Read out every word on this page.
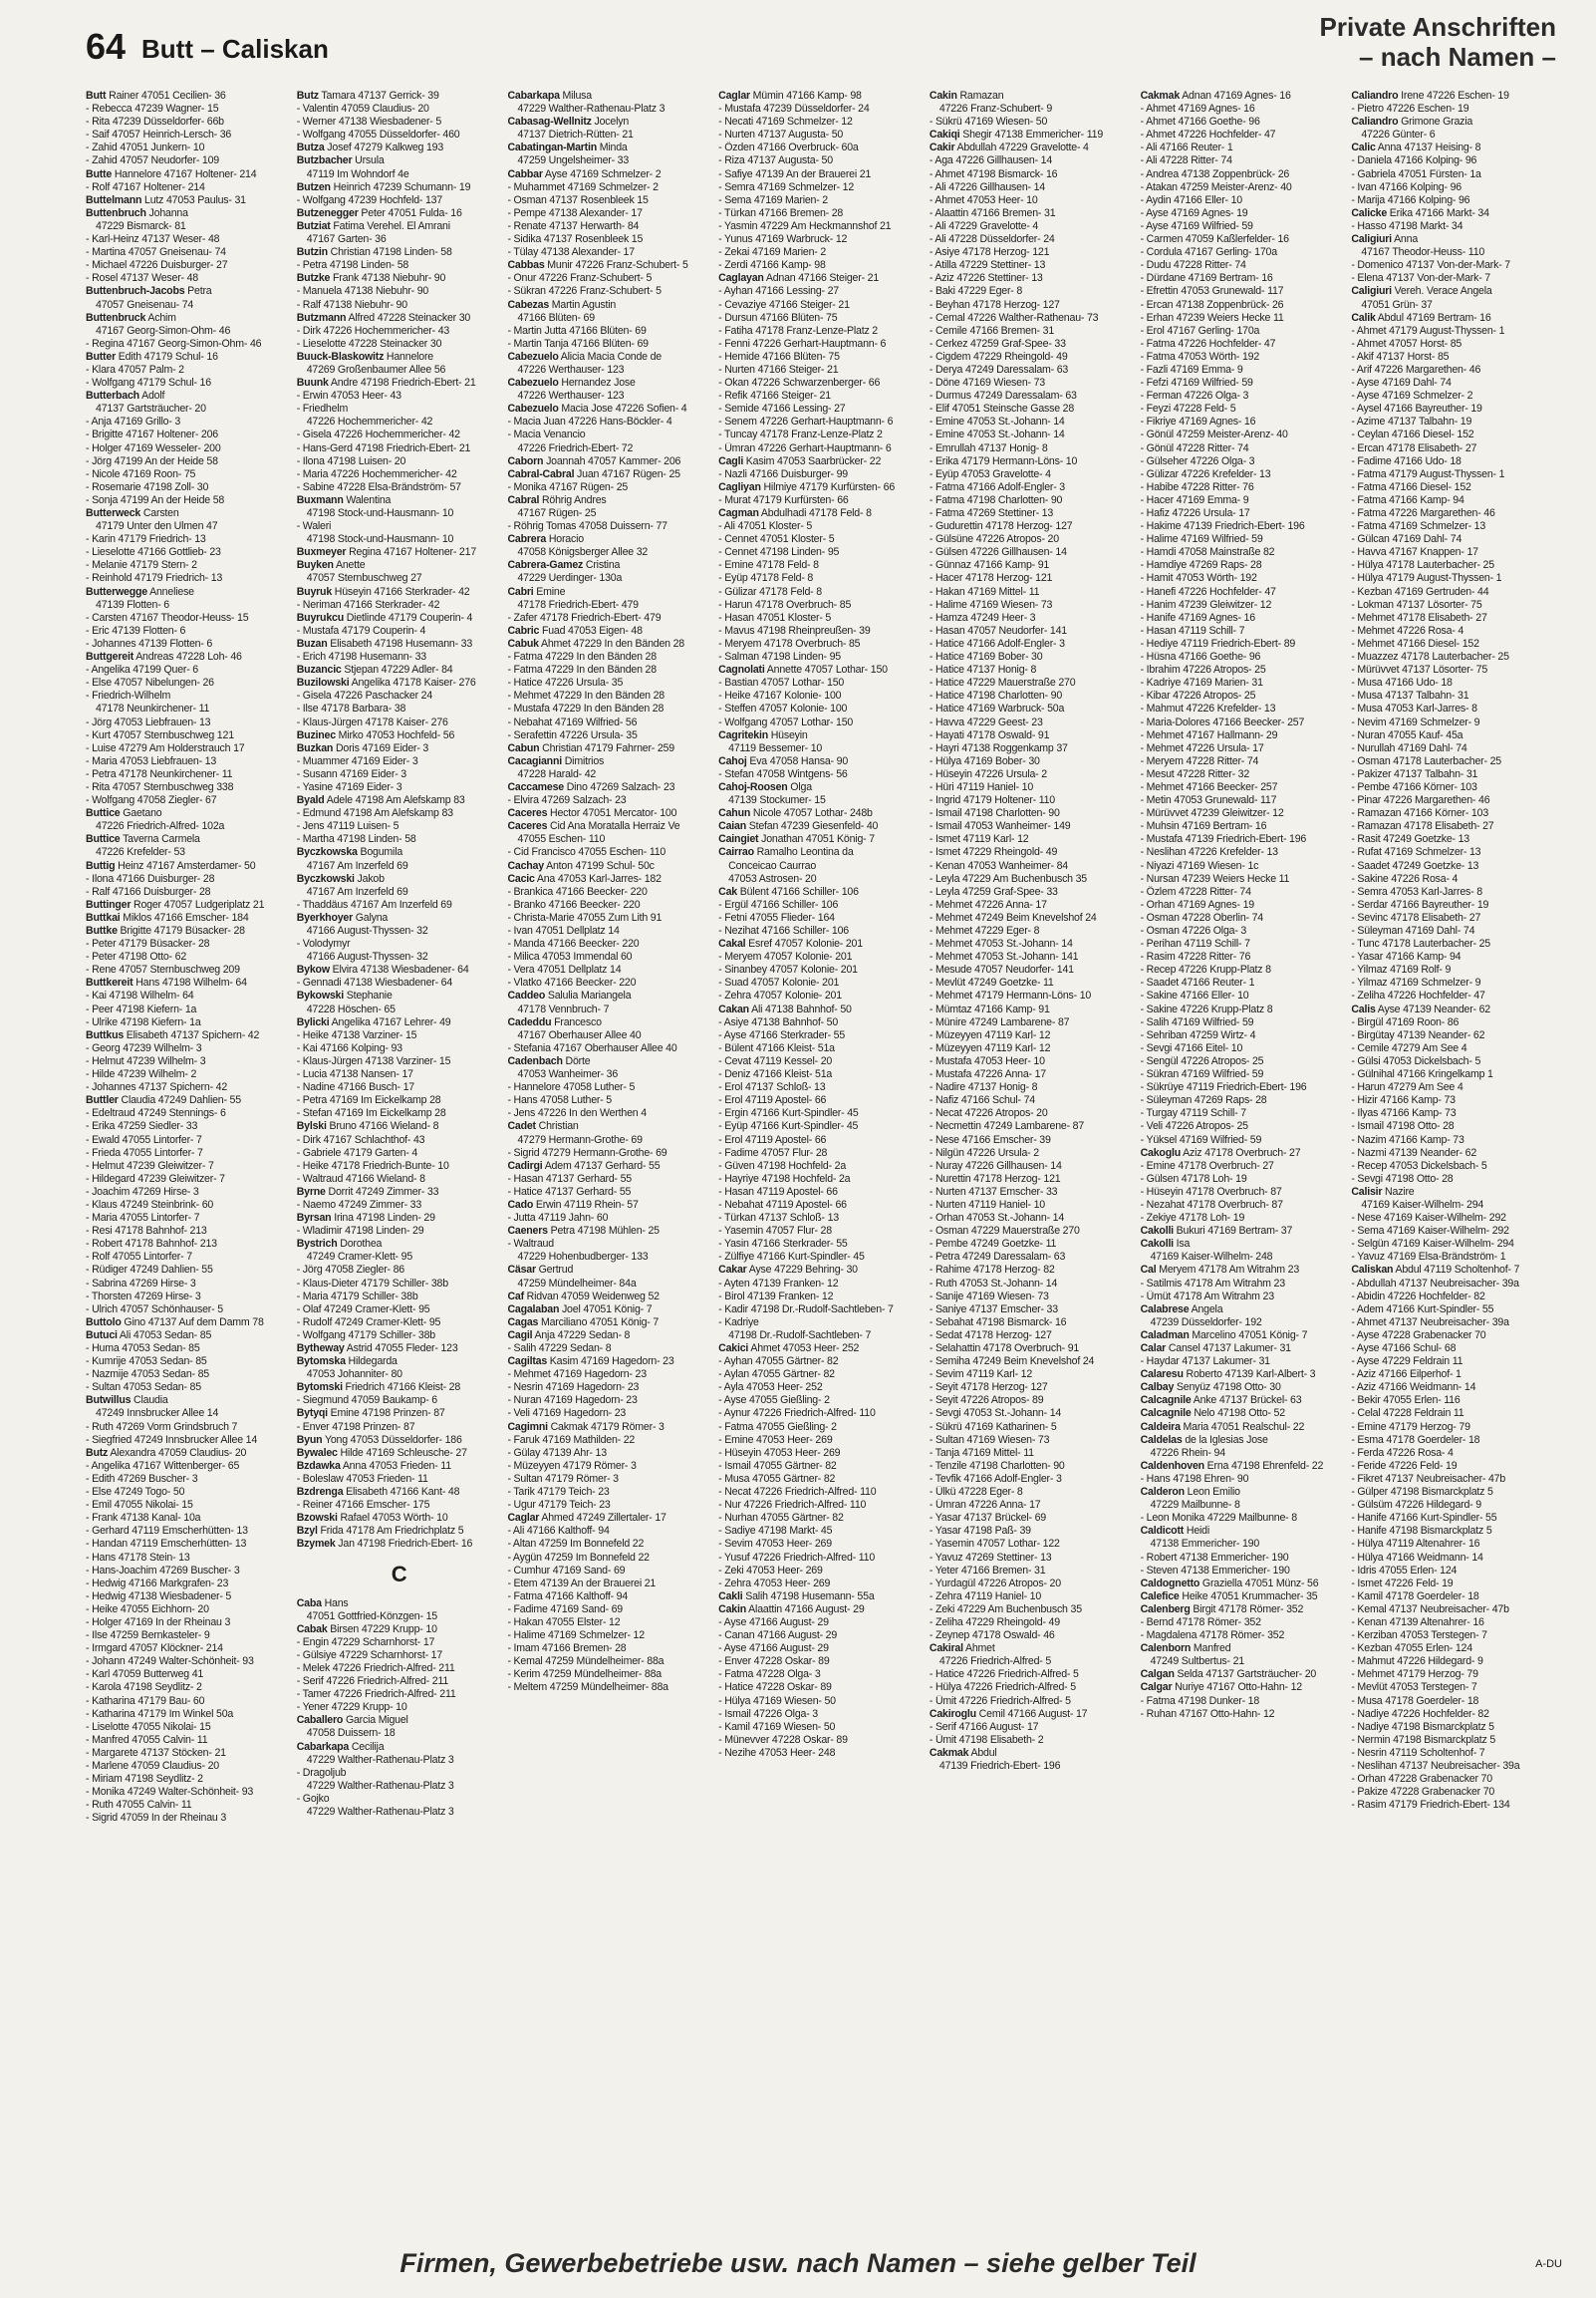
64 Butt – Caliskan
Private Anschriften
– nach Namen –
Butt Rainer 47051 Cecilien- 36
- Rebecca 47239 Wagner- 15
- Rita 47239 Düsseldorfer- 66b
- Saif 47057 Heinrich-Lersch- 36
- Zahid 47051 Junkern- 10
- Zahid 47057 Neudorfer- 109
Butte Hannelore 47167 Holtener- 214
- Rolf 47167 Holtener- 214
Buttelmann Lutz 47053 Paulus- 31
Buttenbruch Johanna
47229 Bismarck- 81
- Karl-Heinz 47137 Weser- 48
- Martina 47057 Gneisenau- 74
- Michael 47226 Duisburger- 27
- Rosel 47137 Weser- 48
Buttenbruch-Jacobs Petra
47057 Gneisenau- 74
Buttenbruck Achim
47167 Georg-Simon-Ohm- 46
- Regina 47167 Georg-Simon-Ohm- 46
Butter Edith 47179 Schul- 16
- Klara 47057 Palm- 2
- Wolfgang 47179 Schul- 16
Butterbach Adolf
47137 Gartsträucher- 20
- Anja 47169 Grillo- 3
- Brigitte 47167 Holtener- 206
- Holger 47169 Wesseler- 200
- Jörg 47199 An der Heide 58
- Nicole 47169 Roon- 75
- Rosemarie 47198 Zoll- 30
- Sonja 47199 An der Heide 58
Butterweck Carsten
47179 Unter den Ulmen 47
- Karin 47179 Friedrich- 13
- Lieselotte 47166 Gottlieb- 23
- Melanie 47179 Stern- 2
- Reinhold 47179 Friedrich- 13
Butterwegge Anneliese
47139 Flotten- 6
- Carsten 47167 Theodor-Heuss- 15
- Eric 47139 Flotten- 6
- Johannes 47139 Flotten- 6
Buttgereit Andreas 47228 Loh- 46
- Angelika 47199 Quer- 6
- Else 47057 Nibelungen- 26
- Friedrich-Wilhelm
47178 Neunkirchener- 11
- Jörg 47053 Liebfrauen- 13
- Kurt 47057 Sternbuschweg 121
- Luise 47279 Am Holderstrauch 17
- Maria 47053 Liebfrauen- 13
- Petra 47178 Neunkirchener- 11
- Rita 47057 Sternbuschweg 338
- Wolfgang 47058 Ziegler- 67
Buttice Gaetano
47226 Friedrich-Alfred- 102a
Buttice Taverna Carmela
47226 Krefelder- 53
Buttig Heinz 47167 Amsterdamer- 50
- Ilona 47166 Duisburger- 28
- Ralf 47166 Duisburger- 28
Buttinger Roger 47057 Ludgeriplatz 21
Buttkai Miklos 47166 Emscher- 184
Buttke Brigitte 47179 Büsacker- 28
- Peter 47179 Büsacker- 28
- Peter 47198 Otto- 62
- Rene 47057 Sternbuschweg 209
Buttkereit Hans 47198 Wilhelm- 64
- Kai 47198 Wilhelm- 64
- Peer 47198 Kiefern- 1a
- Ulrike 47198 Kiefern- 1a
Buttkus Elisabeth 47137 Spichern- 42
- Georg 47239 Wilhelm- 3
- Helmut 47239 Wilhelm- 3
- Hilde 47239 Wilhelm- 2
- Johannes 47137 Spichern- 42
Buttler Claudia 47249 Dahlien- 55
- Edeltraud 47249 Stennings- 6
- Erika 47259 Siedler- 33
- Ewald 47055 Lintorfer- 7
- Frieda 47055 Lintorfer- 7
- Helmut 47239 Gleiwitzer- 7
- Hildegard 47239 Gleiwitzer- 7
- Joachim 47269 Hirse- 3
- Klaus 47249 Steinbrink- 60
- Maria 47055 Lintorfer- 7
- Resi 47178 Bahnhof- 213
- Robert 47178 Bahnhof- 213
- Rolf 47055 Lintorfer- 7
- Rüdiger 47249 Dahlien- 55
- Sabrina 47269 Hirse- 3
- Thorsten 47269 Hirse- 3
- Ulrich 47057 Schönhauser- 5
Buttolo Gino 47137 Auf dem Damm 78
Butuci Ali 47053 Sedan- 85
- Huma 47053 Sedan- 85
- Kumrije 47053 Sedan- 85
- Nazmije 47053 Sedan- 85
- Sultan 47053 Sedan- 85
Butwillus Claudia
47249 Innsbrucker Allee 14
- Ruth 47269 Vorm Grindsbruch 7
- Siegfried 47249 Innsbrucker Allee 14
Butz Alexandra 47059 Claudius- 20
- Angelika 47167 Wittenberger- 65
- Edith 47269 Buscher- 3
- Else 47249 Togo- 50
- Emil 47055 Nikolai- 15
- Frank 47138 Kanal- 10a
- Gerhard 47119 Emscherhütten- 13
- Handan 47119 Emscherhütten- 13
- Hans 47178 Stein- 13
- Hans-Joachim 47269 Buscher- 3
- Hedwig 47166 Markgrafen- 23
- Hedwig 47138 Wiesbadener- 5
- Heike 47055 Eichhorn- 20
- Holger 47169 In der Rheinau 3
- Ilse 47259 Bernkasteler- 9
- Irmgard 47057 Klöckner- 214
- Johann 47249 Walter-Schönheit- 93
- Karl 47059 Butterweg 41
- Karola 47198 Seydlitz- 2
- Katharina 47179 Bau- 60
- Katharina 47179 Im Winkel 50a
- Liselotte 47055 Nikolai- 15
- Manfred 47055 Calvin- 11
- Margarete 47137 Stöcken- 21
- Marlene 47059 Claudius- 20
- Miriam 47198 Seydlitz- 2
- Monika 47249 Walter-Schönheit- 93
- Ruth 47055 Calvin- 11
- Sigrid 47059 In der Rheinau 3
Butz Tamara 47137 Gerrick- 39
- Valentin 47059 Claudius- 20
- Werner 47138 Wiesbadener- 5
- Wolfgang 47055 Düsseldorfer- 460
Butza Josef 47279 Kalkweg 193
Butzbacher Ursula
47119 Im Wohndorf 4e
Butzen Heinrich 47239 Schumann- 19
- Wolfgang 47239 Hochfeld- 137
Butzenegger Peter 47051 Fulda- 16
Butziat Fatima Verehel. El Amrani
47167 Garten- 36
Butzin Christian 47198 Linden- 58
- Petra 47198 Linden- 58
Butzke Frank 47138 Niebuhr- 90
- Manuela 47138 Niebuhr- 90
- Ralf 47138 Niebuhr- 90
Butzmann Alfred 47228 Steinacker 30
- Dirk 47226 Hochemmericher- 43
- Lieselotte 47228 Steinacker 30
Buuck-Blaskowitz Hannelore
47269 Großenbaumer Allee 56
Buunk Andre 47198 Friedrich-Ebert- 21
- Erwin 47053 Heer- 43
- Friedhelm
47226 Hochemmericher- 42
- Gisela 47226 Hochemmericher- 42
- Hans-Gerd 47198 Friedrich-Ebert- 21
- Ilona 47198 Luisen- 20
- Maria 47226 Hochemmericher- 42
- Sabine 47228 Elsa-Brändström- 57
Buxmann Walentina
47198 Stock-und-Hausmann- 10
- Waleri
47198 Stock-und-Hausmann- 10
Buxmeyer Regina 47167 Holtener- 217
Buyken Anette
47057 Sternbuschweg 27
Buyruk Hüseyin 47166 Sterkrader- 42
- Neriman 47166 Sterkrader- 42
Buyrukcu Dietlinde 47179 Couperin- 4
- Mustafa 47179 Couperin- 4
Buzan Elisabeth 47198 Husemann- 33
- Erich 47198 Husemann- 33
Buzancic Stjepan 47229 Adler- 84
Buzilowski Angelika 47178 Kaiser- 276
- Gisela 47226 Paschacker 24
- Ilse 47178 Barbara- 38
- Klaus-Jürgen 47178 Kaiser- 276
Buzinec Mirko 47053 Hochfeld- 56
Buzkan Doris 47169 Eider- 3
- Muammer 47169 Eider- 3
- Susann 47169 Eider- 3
- Yasine 47169 Eider- 3
Byald Adele 47198 Am Alefskamp 83
- Edmund 47198 Am Alefskamp 83
- Jens 47119 Luisen- 5
- Martha 47198 Linden- 58
Byczkowska Bogumila
47167 Am Inzerfeld 69
Byczkowski Jakob
47167 Am Inzerfeld 69
- Thaddäus 47167 Am Inzerfeld 69
Byerkhoyer Galyna
47166 August-Thyssen- 32
- Volodymyr
47166 August-Thyssen- 32
Bykow Elvira 47138 Wiesbadener- 64
- Gennadi 47138 Wiesbadener- 64
Bykowski Stephanie
47228 Höschen- 65
Bylicki Angelika 47167 Lehrer- 49
- Heike 47138 Varziner- 15
- Kai 47166 Kolping- 93
- Klaus-Jürgen 47138 Varziner- 15
- Lucia 47138 Nansen- 17
- Nadine 47166 Busch- 17
- Petra 47169 Im Eickelkamp 28
- Stefan 47169 Im Eickelkamp 28
Bylski Bruno 47166 Wieland- 8
- Dirk 47167 Schlachthof- 43
- Gabriele 47179 Garten- 4
- Heike 47178 Friedrich-Bunte- 10
- Waltraud 47166 Wieland- 8
Byrne Dorrit 47249 Zimmer- 33
- Naemo 47249 Zimmer- 33
Byrsan Irina 47198 Linden- 29
- Wladimir 47198 Linden- 29
Bystrich Dorothea
47249 Cramer-Klett- 95
- Jörg 47058 Ziegler- 86
- Klaus-Dieter 47179 Schiller- 38b
- Maria 47179 Schiller- 38b
- Olaf 47249 Cramer-Klett- 95
- Rudolf 47249 Cramer-Klett- 95
- Wolfgang 47179 Schiller- 38b
Bytheway Astrid 47055 Fleder- 123
Bytomska Hildegarda
47053 Johanniter- 80
Bytomski Friedrich 47166 Kleist- 28
- Siegmund 47059 Baukamp- 6
Bytyqi Emine 47198 Prinzen- 87
- Enver 47198 Prinzen- 87
Byun Yong 47053 Düsseldorfer- 186
Bywalec Hilde 47169 Schleusche- 27
Bzdawka Anna 47053 Frieden- 11
- Boleslaw 47053 Frieden- 11
Bzdrenga Elisabeth 47166 Kant- 48
- Reiner 47166 Emscher- 175
Bzowski Rafael 47053 Wörth- 10
Bzyl Frida 47178 Am Friedrichplatz 5
Bzymek Jan 47198 Friedrich-Ebert- 16
C
Caba Hans
47051 Gottfried-Könzgen- 15
Cabak Birsen 47229 Krupp- 10
- Engin 47229 Scharnhorst- 17
- Gülsiye 47229 Scharnhorst- 17
- Melek 47226 Friedrich-Alfred- 211
- Serif 47226 Friedrich-Alfred- 211
- Tamer 47226 Friedrich-Alfred- 211
- Yener 47229 Krupp- 10
Caballero Garcia Miguel
47058 Duissern- 18
Cabarkapa Cecilija
47229 Walther-Rathenau-Platz 3
- Dragoljub
47229 Walther-Rathenau-Platz 3
- Gojko
47229 Walther-Rathenau-Platz 3
Cabarkapa Milusa
47229 Walther-Rathenau-Platz 3
Cabasag-Wellnitz Jocelyn
47137 Dietrich-Rütten- 21
Cabatingan-Martin Minda
47259 Ungelsheimer- 33
Cabbar Ayse 47169 Schmelzer- 2
- Muhammet 47169 Schmelzer- 2
- Osman 47137 Rosenbleek 15
- Pempe 47138 Alexander- 17
- Renate 47137 Herwarth- 84
- Sidika 47137 Rosenbleek 15
- Tülay 47138 Alexander- 17
Cabbas Munir 47226 Franz-Schubert- 5
- Onur 47226 Franz-Schubert- 5
- Sükran 47226 Franz-Schubert- 5
Cabezas Martin Agustin
47166 Blüten- 69
- Martin Jutta 47166 Blüten- 69
- Martin Tanja 47166 Blüten- 69
Cabezuelo Alicia Macia Conde de
47226 Werthauser- 123
Cabezuelo Hernandez Jose
47226 Werthauser- 123
Cabezuelo Macia Jose 47226 Sofien- 4
- Macia Juan 47226 Hans-Böckler- 4
- Macia Venancio
47226 Friedrich-Ebert- 72
Caborn Joannah 47057 Kammer- 206
Cabral-Cabral Juan 47167 Rügen- 25
- Monika 47167 Rügen- 25
Cabral Röhrig Andres
47167 Rügen- 25
- Röhrig Tomas 47058 Duissern- 77
Cabrera Horacio
47058 Königsberger Allee 32
Cabrera-Gamez Cristina
47229 Uerdinger- 130a
Cabri Emine
47178 Friedrich-Ebert- 479
- Zafer 47178 Friedrich-Ebert- 479
Cabric Fuad 47053 Eigen- 48
Cabuk Ahmet 47229 In den Bänden 28
- Fatma 47229 In den Bänden 28
- Fatma 47229 In den Bänden 28
- Hatice 47226 Ursula- 35
- Mehmet 47229 In den Bänden 28
- Mustafa 47229 In den Bänden 28
- Nebahat 47169 Wilfried- 56
- Serafettin 47226 Ursula- 35
Cabun Christian 47179 Fahrner- 259
Cacagianni Dimitrios
47228 Harald- 42
Caccamese Dino 47269 Salzach- 23
- Elvira 47269 Salzach- 23
Caceres Hector 47051 Mercator- 100
Caceres Cid Ana Moratalla Herraiz Ve
47055 Eschen- 110
- Cid Francisco 47055 Eschen- 110
Cachay Anton 47199 Schul- 50c
Cacic Ana 47053 Karl-Jarres- 182
- Brankica 47166 Beecker- 220
- Branko 47166 Beecker- 220
- Christa-Marie 47055 Zum Lith 91
- Ivan 47051 Dellplatz 14
- Manda 47166 Beecker- 220
- Milica 47053 Immendal 60
- Vera 47051 Dellplatz 14
- Vlatko 47166 Beecker- 220
Caddeo Salulia Mariangela
47178 Vennbruch- 7
Cadeddu Francesco
47167 Oberhauser Allee 40
- Stefania 47167 Oberhauser Allee 40
Cadenbach Dörte
47053 Wanheimer- 36
- Hannelore 47058 Luther- 5
- Hans 47058 Luther- 5
- Jens 47226 In den Werthen 4
Cadet Christian
47279 Hermann-Grothe- 69
- Sigrid 47279 Hermann-Grothe- 69
Cadirgi Adem 47137 Gerhard- 55
- Hasan 47137 Gerhard- 55
- Hatice 47137 Gerhard- 55
Cado Erwin 47119 Rhein- 57
- Jutta 47119 Jahn- 60
Caeners Petra 47198 Mühlen- 25
- Waltraud
47229 Hohenbudberger- 133
Cäsar Gertrud
47259 Mündelheimer- 84a
Caf Ridvan 47059 Weidenweg 52
Cagalaban Joel 47051 König- 7
Cagas Marciliano 47051 König- 7
Cagil Anja 47229 Sedan- 8
- Salih 47229 Sedan- 8
Cagiltas Kasim 47169 Hagedorn- 23
- Mehmet 47169 Hagedorn- 23
- Nesrin 47169 Hagedorn- 23
- Nuran 47169 Hagedorn- 23
- Veli 47169 Hagedorn- 23
Cagimni Cakmak 47179 Römer- 3
- Faruk 47169 Mathilden- 22
- Gülay 47139 Ahr- 13
- Müzeyyen 47179 Römer- 3
- Sultan 47179 Römer- 3
- Tarik 47179 Teich- 23
- Ugur 47179 Teich- 23
Caglar Ahmed 47249 Zillertaler- 17
- Ali 47166 Kalthoff- 94
- Altan 47259 Im Bonnefeld 22
- Aygün 47259 Im Bonnefeld 22
- Cumhur 47169 Sand- 69
- Etem 47139 An der Brauerei 21
- Fatma 47166 Kalthoff- 94
- Fadime 47169 Sand- 69
- Hakan 47055 Elster- 12
- Halime 47169 Schmelzer- 12
- Imam 47166 Bremen- 28
- Kemal 47259 Mündelheimer- 88a
- Kerim 47259 Mündelheimer- 88a
- Meltem 47259 Mündelheimer- 88a
Caglar Mümin 47166 Kamp- 98
- Mustafa 47239 Düsseldorfer- 24
- Necati 47169 Schmelzer- 12
- Nurten 47137 Augusta- 50
- Özden 47166 Overbruck- 60a
- Riza 47137 Augusta- 50
- Safiye 47139 An der Brauerei 21
- Semra 47169 Schmelzer- 12
- Sema 47169 Marien- 2
- Türkan 47166 Bremen- 28
- Yasmin 47229 Am Heckmannshof 21
- Yunus 47169 Warbruck- 12
- Zekai 47169 Marien- 2
- Zerdi 47166 Kamp- 98
Caglayan Adnan 47166 Steiger- 21
- Ayhan 47166 Lessing- 27
- Cevaziye 47166 Steiger- 21
- Dursun 47166 Blüten- 75
- Fatiha 47178 Franz-Lenze-Platz 2
- Fenni 47226 Gerhart-Hauptmann- 6
- Hemide 47166 Blüten- 75
- Nurten 47166 Steiger- 21
- Okan 47226 Schwarzenberger- 66
- Refik 47166 Steiger- 21
- Semide 47166 Lessing- 27
- Senem 47226 Gerhart-Hauptmann- 6
- Tuncay 47178 Franz-Lenze-Platz 2
- Ümran 47226 Gerhart-Hauptmann- 6
Cagli Kasim 47053 Saarbrücker- 22
- Nazli 47166 Duisburger- 99
Cagliyan Hilmiye 47179 Kurfürsten- 66
- Murat 47179 Kurfürsten- 66
Cagman Abdulhadi 47178 Feld- 8
- Ali 47051 Kloster- 5
- Cennet 47051 Kloster- 5
- Cennet 47198 Linden- 95
- Emine 47178 Feld- 8
- Eyüp 47178 Feld- 8
- Gülizar 47178 Feld- 8
- Harun 47178 Overbruch- 85
- Hasan 47051 Kloster- 5
- Mavus 47198 Rheinpreußen- 39
- Meryem 47178 Overbruch- 85
- Salman 47198 Linden- 95
Cagnolati Annette 47057 Lothar- 150
- Bastian 47057 Lothar- 150
- Heike 47167 Kolonie- 100
- Steffen 47057 Kolonie- 100
- Wolfgang 47057 Lothar- 150
Cagritekin Hüseyin
47119 Bessemer- 10
Cahoj Eva 47058 Hansa- 90
- Stefan 47058 Wintgens- 56
Cahoj-Roosen Olga
47139 Stockumer- 15
Cahun Nicole 47057 Lothar- 248b
Caian Stefan 47239 Giesenfeld- 40
Caingiet Jonathan 47051 König- 7
Cairrao Ramalho Leontina da
Conceicao Caurrao
47053 Astrosen- 20
Cak Bülent 47166 Schiller- 106
- Ergül 47166 Schiller- 106
- Fetni 47055 Flieder- 164
- Nezihat 47166 Schiller- 106
Cakal Esref 47057 Kolonie- 201
- Meryem 47057 Kolonie- 201
- Sinanbey 47057 Kolonie- 201
- Suad 47057 Kolonie- 201
- Zehra 47057 Kolonie- 201
Cakan Ali 47138 Bahnhof- 50
- Asiye 47138 Bahnhof- 50
- Ayse 47166 Sterkrader- 55
- Bülent 47166 Kleist- 51a
- Cevat 47119 Kessel- 20
- Deniz 47166 Kleist- 51a
- Erol 47137 Schloß- 13
- Erol 47119 Apostel- 66
- Ergin 47166 Kurt-Spindler- 45
- Eyüp 47166 Kurt-Spindler- 45
- Erol 47119 Apostel- 66
- Fadime 47057 Flur- 28
- Güven 47198 Hochfeld- 2a
- Hayriye 47198 Hochfeld- 2a
- Hasan 47119 Apostel- 66
- Nebahat 47119 Apostel- 66
- Türkan 47137 Schloß- 13
- Yasemin 47057 Flur- 28
- Yasin 47166 Sterkrader- 55
- Zülfiye 47166 Kurt-Spindler- 45
Cakar Ayse 47229 Behring- 30
- Ayten 47139 Franken- 12
- Birol 47139 Franken- 12
- Kadir 47198 Dr.-Rudolf-Sachtleben- 7
- Kadriye
47198 Dr.-Rudolf-Sachtleben- 7
Cakici Ahmet 47053 Heer- 252
- Ayhan 47055 Gärtner- 82
- Aylan 47055 Gärtner- 82
- Ayla 47053 Heer- 252
- Ayse 47055 Gießling- 2
- Aynur 47226 Friedrich-Alfred- 110
- Fatma 47055 Gießling- 2
- Emine 47053 Heer- 269
- Hüseyin 47053 Heer- 269
- Ismail 47055 Gärtner- 82
- Musa 47055 Gärtner- 82
- Necat 47226 Friedrich-Alfred- 110
- Nur 47226 Friedrich-Alfred- 110
- Nurhan 47055 Gärtner- 82
- Sadiye 47198 Markt- 45
- Sevim 47053 Heer- 269
- Yusuf 47226 Friedrich-Alfred- 110
- Zeki 47053 Heer- 269
- Zehra 47053 Heer- 269
Cakli Salih 47198 Husemann- 55a
Cakin Alaattin 47166 August- 29
- Ayse 47166 August- 29
- Canan 47166 August- 29
- Ayse 47166 August- 29
- Enver 47228 Oskar- 89
- Fatma 47228 Olga- 3
- Hatice 47228 Oskar- 89
- Hülya 47169 Wiesen- 50
- Ismail 47226 Olga- 3
- Kamil 47169 Wiesen- 50
- Münevver 47228 Oskar- 89
- Nezihe 47053 Heer- 248
Cakin Ramazan
47226 Franz-Schubert- 9
- Sükrü 47169 Wiesen- 50
Cakiqi Shegir 47138 Emmericher- 119
Cakir Abdullah 47229 Gravelotte- 4
- Aga 47226 Gillhausen- 14
- Ahmet 47198 Bismarck- 16
- Ali 47226 Gillhausen- 14
- Ahmet 47053 Heer- 10
- Alaattin 47166 Bremen- 31
- Ali 47229 Gravelotte- 4
- Ali 47228 Düsseldorfer- 24
- Asiye 47178 Herzog- 121
- Atilla 47229 Stettiner- 13
- Aziz 47226 Stettiner- 13
- Baki 47229 Eger- 8
- Beyhan 47178 Herzog- 127
- Cemal 47226 Walther-Rathenau- 73
- Cemile 47166 Bremen- 31
- Cerkez 47259 Graf-Spee- 33
- Cigdem 47229 Rheingold- 49
- Derya 47249 Daressalam- 63
- Döne 47169 Wiesen- 73
- Durmus 47249 Daressalam- 63
- Elif 47051 Steinsche Gasse 28
- Emine 47053 St.-Johann- 14
- Emine 47053 St.-Johann- 14
- Emrullah 47137 Honig- 8
- Erika 47179 Hermann-Löns- 10
- Eyüp 47053 Gravelotte- 4
- Fatma 47166 Adolf-Engler- 3
- Fatma 47198 Charlotten- 90
- Fatma 47269 Stettiner- 13
- Gudurettin 47178 Herzog- 127
- Gülsüne 47226 Atropos- 20
- Gülsen 47226 Gillhausen- 14
- Günnaz 47166 Kamp- 91
- Hacer 47178 Herzog- 121
- Hakan 47169 Mittel- 11
- Halime 47169 Wiesen- 73
- Hamza 47249 Heer- 3
- Hasan 47057 Neudorfer- 141
- Hatice 47166 Adolf-Engler- 3
- Hatice 47169 Bober- 30
- Hatice 47137 Honig- 8
- Hatice 47229 Mauerstraße 270
- Hatice 47198 Charlotten- 90
- Hatice 47169 Warbruck- 50a
- Havva 47229 Geest- 23
- Hayati 47178 Oswald- 91
- Hayri 47138 Roggenkamp 37
- Hülya 47169 Bober- 30
- Hüseyin 47226 Ursula- 2
- Hüri 47119 Haniel- 10
- Ingrid 47179 Holtener- 110
- Ismail 47198 Charlotten- 90
- Ismail 47053 Wanheimer- 149
- Ismet 47119 Karl- 12
- Ismet 47229 Rheingold- 49
- Kenan 47053 Wanheimer- 84
- Leyla 47229 Am Buchenbusch 35
- Leyla 47259 Graf-Spee- 33
- Mehmet 47226 Anna- 17
- Mehmet 47249 Beim Knevelshof 24
- Mehmet 47229 Eger- 8
- Mehmet 47053 St.-Johann- 14
- Mehmet 47053 St.-Johann- 141
- Mesude 47057 Neudorfer- 141
- Mevlüt 47249 Goetzke- 11
- Mehmet 47179 Hermann-Löns- 10
- Mümtaz 47166 Kamp- 91
- Münire 47249 Lambarene- 87
- Müzeyyen 47119 Karl- 12
- Müzeyyen 47119 Karl- 12
- Mustafa 47053 Heer- 10
- Mustafa 47226 Anna- 17
- Nadire 47137 Honig- 8
- Nafiz 47166 Schul- 74
- Necat 47226 Atropos- 20
- Necmettin 47249 Lambarene- 87
- Nese 47166 Emscher- 39
- Nilgün 47226 Ursula- 2
- Nuray 47226 Gillhausen- 14
- Nurettin 47178 Herzog- 121
- Nurten 47137 Emscher- 33
- Nurten 47119 Haniel- 10
- Orhan 47053 St.-Johann- 14
- Osman 47229 Mauerstraße 270
- Pembe 47249 Goetzke- 11
- Petra 47249 Daressalam- 63
- Rahime 47178 Herzog- 82
- Ruth 47053 St.-Johann- 14
- Sanije 47169 Wiesen- 73
- Saniye 47137 Emscher- 33
- Sebahat 47198 Bismarck- 16
- Sedat 47178 Herzog- 127
- Selahattin 47178 Overbruch- 91
- Semiha 47249 Beim Knevelshof 24
- Sevim 47119 Karl- 12
- Seyit 47178 Herzog- 127
- Seyit 47226 Atropos- 89
- Sevgi 47053 St.-Johann- 14
- Sükrü 47169 Katharinen- 5
- Sultan 47169 Wiesen- 73
- Tanja 47169 Mittel- 11
- Tenzile 47198 Charlotten- 90
- Tevfik 47166 Adolf-Engler- 3
- Ülkü 47228 Eger- 8
- Ümran 47226 Anna- 17
- Yasar 47137 Brückel- 69
- Yasar 47198 Paß- 39
- Yasemin 47057 Lothar- 122
- Yavuz 47269 Stettiner- 13
- Yeter 47166 Bremen- 31
- Yurdagül 47226 Atropos- 20
- Zehra 47119 Haniel- 10
- Zeki 47229 Am Buchenbusch 35
- Zeliha 47229 Rheingold- 49
- Zeynep 47178 Oswald- 46
Cakiral Ahmet
47226 Friedrich-Alfred- 5
- Hatice 47226 Friedrich-Alfred- 5
- Hülya 47226 Friedrich-Alfred- 5
- Ümit 47226 Friedrich-Alfred- 5
Cakiroglu Cemil 47166 August- 17
- Serif 47166 August- 17
- Ümit 47198 Elisabeth- 2
Cakmak Abdul
47139 Friedrich-Ebert- 196
Cakmak Adnan 47169 Agnes- 16
- Ahmet 47169 Agnes- 16
- Ahmet 47166 Goethe- 96
- Ahmet 47226 Hochfelder- 47
- Ali 47166 Reuter- 1
- Ali 47228 Ritter- 74
- Andrea 47138 Zoppenbrück- 26
- Atakan 47259 Meister-Arenz- 40
- Aydin 47166 Eller- 10
- Ayse 47169 Agnes- 19
- Ayse 47169 Wilfried- 59
- Carmen 47059 Kaßlerfelder- 16
- Cordula 47167 Gerling- 170a
- Dudu 47228 Ritter- 74
- Dürdane 47169 Bertram- 16
- Efrettin 47053 Grunewald- 117
- Ercan 47138 Zoppenbrück- 26
- Erhan 47239 Weiers Hecke 11
- Erol 47167 Gerling- 170a
- Fatma 47226 Hochfelder- 47
- Fatma 47053 Wörth- 192
- Fazli 47169 Emma- 9
- Fefzi 47169 Wilfried- 59
- Ferman 47226 Olga- 3
- Feyzi 47228 Feld- 5
- Fikriye 47169 Agnes- 16
- Gönül 47259 Meister-Arenz- 40
- Gönül 47228 Ritter- 74
- Gülseher 47226 Olga- 3
- Gülizar 47226 Krefelder- 13
- Habibe 47228 Ritter- 76
- Hacer 47169 Emma- 9
- Hafiz 47226 Ursula- 17
- Hakime 47139 Friedrich-Ebert- 196
- Halime 47169 Wilfried- 59
- Hamdi 47058 Mainstraße 82
- Hamdiye 47269 Raps- 28
- Hamit 47053 Wörth- 192
- Hanefi 47226 Hochfelder- 47
- Hanim 47239 Gleiwitzer- 12
- Hanife 47169 Agnes- 16
- Hasan 47119 Schill- 7
- Hediye 47119 Friedrich-Ebert- 89
- Hüsna 47166 Goethe- 96
- Ibrahim 47226 Atropos- 25
- Kadriye 47169 Marien- 31
- Kibar 47226 Atropos- 25
- Mahmut 47226 Krefelder- 13
- Maria-Dolores 47166 Beecker- 257
- Mehmet 47167 Hallmann- 29
- Mehmet 47226 Ursula- 17
- Meryem 47228 Ritter- 74
- Mesut 47228 Ritter- 32
- Mehmet 47166 Beecker- 257
- Metin 47053 Grunewald- 117
- Mürüvvet 47239 Gleiwitzer- 12
- Muhsin 47169 Bertram- 16
- Mustafa 47139 Friedrich-Ebert- 196
- Neslihan 47226 Krefelder- 13
- Niyazi 47169 Wiesen- 1c
- Nursan 47239 Weiers Hecke 11
- Özlem 47228 Ritter- 74
- Orhan 47169 Agnes- 19
- Osman 47228 Oberlin- 74
- Osman 47226 Olga- 3
- Perihan 47119 Schill- 7
- Rasim 47228 Ritter- 76
- Recep 47226 Krupp-Platz 8
- Saadet 47166 Reuter- 1
- Sakine 47166 Eller- 10
- Sakine 47226 Krupp-Platz 8
- Salih 47169 Wilfried- 59
- Sehriban 47259 Wirtz- 4
- Sevgi 47166 Eitel- 10
- Sengül 47226 Atropos- 25
- Sükran 47169 Wilfried- 59
- Sükrüye 47119 Friedrich-Ebert- 196
- Süleyman 47269 Raps- 28
- Turgay 47119 Schill- 7
- Veli 47226 Atropos- 25
- Yüksel 47169 Wilfried- 59
Cakoglu Aziz 47178 Overbruch- 27
- Emine 47178 Overbruch- 27
- Gülsen 47178 Loh- 19
- Hüseyin 47178 Overbruch- 87
- Nezahat 47178 Overbruch- 87
- Zekiye 47178 Loh- 19
Cakolli Bukuri 47169 Bertram- 37
Cakolli Isa
47169 Kaiser-Wilhelm- 248
Cal Meryem 47178 Am Witrahm 23
- Satilmis 47178 Am Witrahm 23
- Ümüt 47178 Am Witrahm 23
Calabrese Angela
47239 Düsseldorfer- 192
Caladman Marcelino 47051 König- 7
Calar Cansel 47137 Lakumer- 31
- Haydar 47137 Lakumer- 31
Calaresu Roberto 47139 Karl-Albert- 3
Calbay Senyüz 47198 Otto- 30
Calcagnile Anke 47137 Brückel- 63
Calcagnile Nelo 47198 Otto- 52
Caldeira Maria 47051 Realschul- 22
Caldelas de la Iglesias Jose
47226 Rhein- 94
Caldenhoven Erna 47198 Ehrenfeld- 22
- Hans 47198 Ehren- 90
Calderon Leon Emilio
47229 Mailbunne- 8
- Leon Monika 47229 Mailbunne- 8
Caldicott Heidi
47138 Emmericher- 190
- Robert 47138 Emmericher- 190
- Steven 47138 Emmericher- 190
Caldognetto Graziella 47051 Münz- 56
Calefice Heike 47051 Krummacher- 35
Calenberg Birgit 47178 Römer- 352
- Bernd 47178 Römer- 352
- Magdalena 47178 Römer- 352
Calenborn Manfred
47249 Sultbertus- 21
Calgan Selda 47137 Gartsträucher- 20
Calgar Nuriye 47167 Otto-Hahn- 12
- Fatma 47198 Dunker- 18
- Ruhan 47167 Otto-Hahn- 12
Caliandro Irene 47226 Eschen- 19
- Pietro 47226 Eschen- 19
Caliandro Grimone Grazia
47226 Günter- 6
Calic Anna 47137 Heising- 8
- Daniela 47166 Kolping- 96
- Gabriela 47051 Fürsten- 1a
- Ivan 47166 Kolping- 96
- Marija 47166 Kolping- 96
Calicke Erika 47166 Markt- 34
- Hasso 47198 Markt- 34
Caligiuri Anna
47167 Theodor-Heuss- 110
- Domenico 47137 Von-der-Mark- 7
- Elena 47137 Von-der-Mark- 7
Caligiuri Vereh. Verace Angela
47051 Grün- 37
Calik Abdul 47169 Bertram- 16
- Ahmet 47179 August-Thyssen- 1
- Ahmet 47057 Horst- 85
- Akif 47137 Horst- 85
- Arif 47226 Margarethen- 46
- Ayse 47169 Dahl- 74
- Ayse 47169 Schmelzer- 2
- Aysel 47166 Bayreuther- 19
- Azime 47137 Talbahn- 19
- Ceylan 47166 Diesel- 152
- Ercan 47178 Elisabeth- 27
- Fadime 47166 Udo- 18
- Fatma 47179 August-Thyssen- 1
- Fatma 47166 Diesel- 152
- Fatma 47166 Kamp- 94
- Fatma 47226 Margarethen- 46
- Fatma 47169 Schmelzer- 13
- Gülcan 47169 Dahl- 74
- Havva 47167 Knappen- 17
- Hülya 47178 Lauterbacher- 25
- Hülya 47179 August-Thyssen- 1
- Kezban 47169 Gertruden- 44
- Lokman 47137 Lösorter- 75
- Mehmet 47178 Elisabeth- 27
- Mehmet 47226 Rosa- 4
- Mehmet 47166 Diesel- 152
- Muazzez 47178 Lauterbacher- 25
- Mürüvvet 47137 Lösorter- 75
- Musa 47166 Udo- 18
- Musa 47137 Talbahn- 31
- Musa 47053 Karl-Jarres- 8
- Nevim 47169 Schmelzer- 9
- Nuran 47055 Kauf- 45a
- Nurullah 47169 Dahl- 74
- Osman 47178 Lauterbacher- 25
- Pakizer 47137 Talbahn- 31
- Pembe 47166 Körner- 103
- Pinar 47226 Margarethen- 46
- Ramazan 47166 Körner- 103
- Ramazan 47178 Elisabeth- 27
- Rasit 47249 Goetzke- 13
- Rufat 47169 Schmelzer- 13
- Saadet 47249 Goetzke- 13
- Sakine 47226 Rosa- 4
- Semra 47053 Karl-Jarres- 8
- Serdar 47166 Bayreuther- 19
- Sevinc 47178 Elisabeth- 27
- Süleyman 47169 Dahl- 74
- Tunc 47178 Lauterbacher- 25
- Yasar 47166 Kamp- 94
- Yilmaz 47169 Rolf- 9
- Yilmaz 47169 Schmelzer- 9
- Zeliha 47226 Hochfelder- 47
Calis Ayse 47139 Neander- 62
- Birgül 47169 Roon- 86
- Birgütay 47139 Neander- 62
- Cemile 47279 Am See 4
- Gülsi 47053 Dickelsbach- 5
- Gülnihal 47166 Kringelkamp 1
- Harun 47279 Am See 4
- Hizir 47166 Kamp- 73
- Ilyas 47166 Kamp- 73
- Ismail 47198 Otto- 28
- Nazim 47166 Kamp- 73
- Nazmi 47139 Neander- 62
- Recep 47053 Dickelsbach- 5
- Sevgi 47198 Otto- 28
Calisir Nazire
47169 Kaiser-Wilhelm- 294
- Nese 47169 Kaiser-Wilhelm- 292
- Sema 47169 Kaiser-Wilhelm- 292
- Selgün 47169 Kaiser-Wilhelm- 294
- Yavuz 47169 Elsa-Brändström- 1
Caliskan Abdul 47119 Scholtenhof- 7
- Abdullah 47137 Neubreisacher- 39a
- Abidin 47226 Hochfelder- 82
- Adem 47166 Kurt-Spindler- 55
- Ahmet 47137 Neubreisacher- 39a
- Ayse 47228 Grabenacker 70
- Ayse 47166 Schul- 68
- Ayse 47229 Feldrain 11
- Aziz 47166 Eilperhof- 1
- Aziz 47166 Weidmann- 14
- Bekir 47055 Erlen- 116
- Celal 47228 Feldrain 11
- Emine 47179 Herzog- 79
- Esma 47178 Goerdeler- 18
- Ferda 47226 Rosa- 4
- Feride 47226 Feld- 19
- Fikret 47137 Neubreisacher- 47b
- Gülper 47198 Bismarckplatz 5
- Gülsüm 47226 Hildegard- 9
- Hanife 47166 Kurt-Spindler- 55
- Hanife 47198 Bismarckplatz 5
- Hülya 47119 Altenahrer- 16
- Hülya 47166 Weidmann- 14
- Idris 47055 Erlen- 124
- Ismet 47226 Feld- 19
- Kamil 47178 Goerdeler- 18
- Kemal 47137 Neubreisacher- 47b
- Kenan 47139 Altenahrer- 16
- Kerziban 47053 Terstegen- 7
- Kezban 47055 Erlen- 124
- Mahmut 47226 Hildegard- 9
- Mehmet 47179 Herzog- 79
- Mevlüt 47053 Terstegen- 7
- Musa 47178 Goerdeler- 18
- Nadiye 47226 Hochfelder- 82
- Nadiye 47198 Bismarckplatz 5
- Nermin 47198 Bismarckplatz 5
- Nesrin 47119 Scholtenhof- 7
- Neslihan 47137 Neubreisacher- 39a
- Orhan 47228 Grabenacker 70
- Pakize 47228 Grabenacker 70
- Rasim 47179 Friedrich-Ebert- 134
Firmen, Gewerbebetriebe usw. nach Namen – siehe gelber Teil	A-DU
